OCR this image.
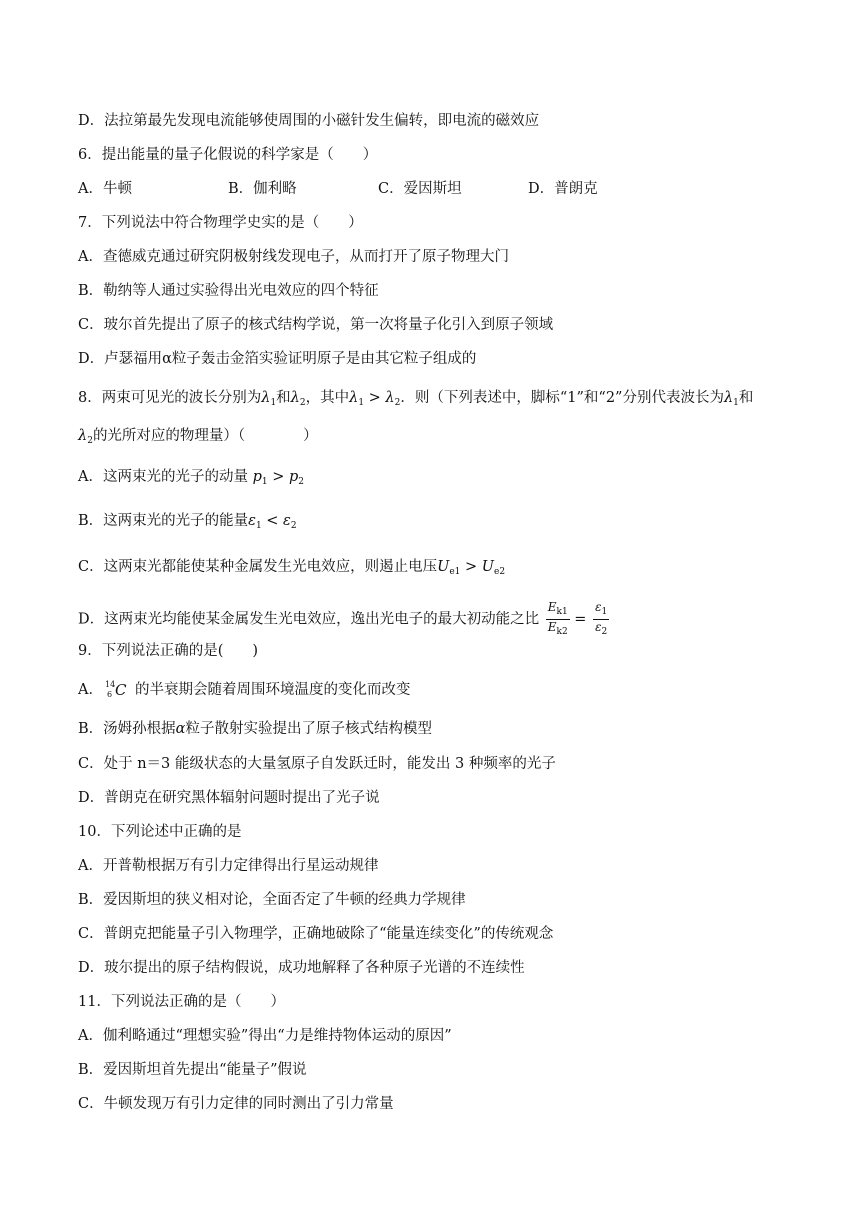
D．法拉第最先发现电流能够使周围的小磁针发生偏转，即电流的磁效应
6．提出能量的量子化假说的科学家是（　　）
A．牛顿	B．伽利略	C．爱因斯坦	D．普朗克
7．下列说法中符合物理学史实的是（　　）
A．查德威克通过研究阴极射线发现电子，从而打开了原子物理大门
B．勒纳等人通过实验得出光电效应的四个特征
C．玻尔首先提出了原子的核式结构学说，第一次将量子化引入到原子领域
D．卢瑟福用α粒子轰击金箔实验证明原子是由其它粒子组成的
8．两束可见光的波长分别为$\lambda_1$和$\lambda_2$，其中$\lambda_1 > \lambda_2$．则（下列表述中，脚标“1”和“2”分别代表波长为$\lambda_1$和
$\lambda_2$的光所对应的物理量）（　　　　）
A．这两束光的光子的动量 $p_1 > p_2$
B．这两束光的光子的能量$\varepsilon_1 < \varepsilon_2$
C．这两束光都能使某种金属发生光电效应，则遏止电压$U_{e1} > U_{e2}$
D．这两束光均能使某金属发生光电效应，逸出光电子的最大初动能之比 $\frac{E_{k1}}{E_{k2}} = \frac{\varepsilon_1}{\varepsilon_2}$
9．下列说法正确的是(　　)
A． 14
6 C 的半衰期会随着周围环境温度的变化而改变
B．汤姆孙根据α粒子散射实验提出了原子核式结构模型
C．处于 n＝3 能级状态的大量氢原子自发跃迁时，能发出 3 种频率的光子
D．普朗克在研究黑体辐射问题时提出了光子说
10．下列论述中正确的是
A．开普勒根据万有引力定律得出行星运动规律
B．爱因斯坦的狭义相对论，全面否定了牛顿的经典力学规律
C．普朗克把能量子引入物理学，正确地破除了“能量连续变化”的传统观念
D．玻尔提出的原子结构假说，成功地解释了各种原子光谱的不连续性
11．下列说法正确的是（　　）
A．伽利略通过“理想实验”得出“力是维持物体运动的原因”
B．爱因斯坦首先提出“能量子”假说
C．牛顿发现万有引力定律的同时测出了引力常量
